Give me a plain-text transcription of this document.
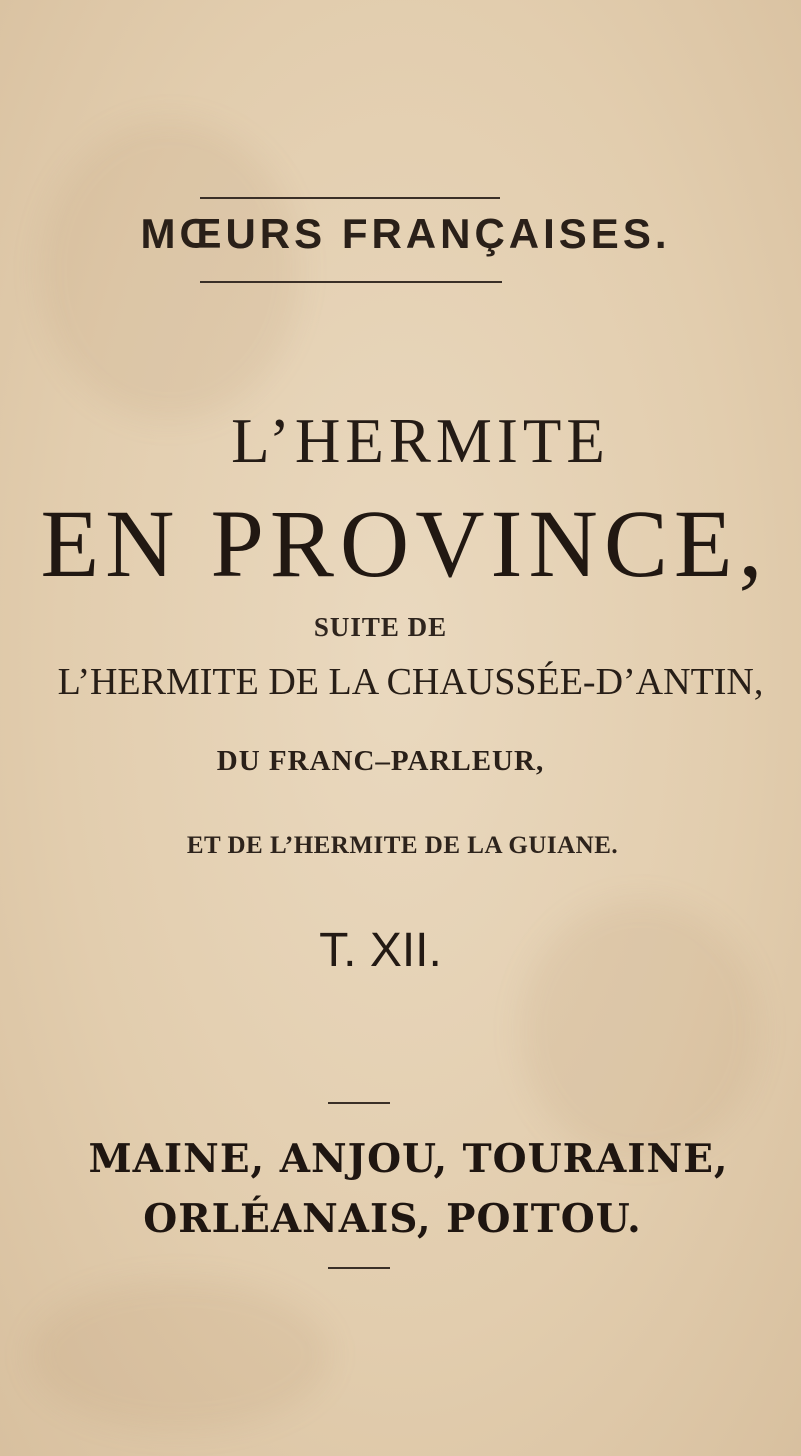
MŒURS FRANÇAISES.
L’HERMITE
EN PROVINCE,
SUITE DE
L’HERMITE DE LA CHAUSSÉE-D’ANTIN,
DU FRANC–PARLEUR,
ET DE L’HERMITE DE LA GUIANE.
T. XII.
MAINE, ANJOU, TOURAINE,
ORLÉANAIS, POITOU.
